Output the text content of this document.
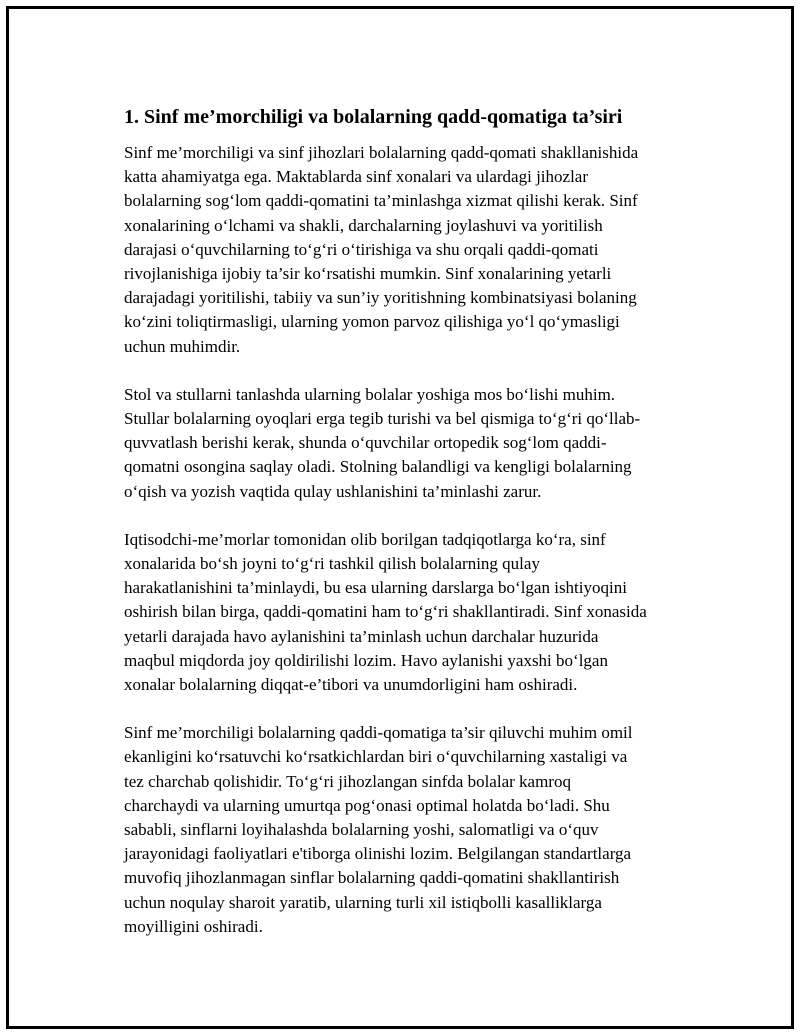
1. Sinf me’morchiligi va bolalarning qadd-qomatiga ta’siri

Sinf me’morchiligi va sinf jihozlari bolalarning qadd-qomati shakllanishida
katta ahamiyatga ega. Maktablarda sinf xonalari va ulardagi jihozlar
bolalarning sog‘lom qaddi-qomatini ta’minlashga xizmat qilishi kerak. Sinf
xonalarining o‘lchami va shakli, darchalarning joylashuvi va yoritilish
darajasi o‘quvchilarning to‘g‘ri o‘tirishiga va shu orqali qaddi-qomati
rivojlanishiga ijobiy ta’sir ko‘rsatishi mumkin. Sinf xonalarining yetarli
darajadagi yoritilishi, tabiiy va sun’iy yoritishning kombinatsiyasi bolaning
ko‘zini toliqtirmasligi, ularning yomon parvoz qilishiga yo‘l qo‘ymasligi
uchun muhimdir.

Stol va stullarni tanlashda ularning bolalar yoshiga mos bo‘lishi muhim.
Stullar bolalarning oyoqlari erga tegib turishi va bel qismiga to‘g‘ri qo‘llab-
quvvatlash berishi kerak, shunda o‘quvchilar ortopedik sog‘lom qaddi-
qomatni osongina saqlay oladi. Stolning balandligi va kengligi bolalarning
o‘qish va yozish vaqtida qulay ushlanishini ta’minlashi zarur.

Iqtisodchi-me’morlar tomonidan olib borilgan tadqiqotlarga ko‘ra, sinf
xonalarida bo‘sh joyni to‘g‘ri tashkil qilish bolalarning qulay
harakatlanishini ta’minlaydi, bu esa ularning darslarga bo‘lgan ishtiyoqini
oshirish bilan birga, qaddi-qomatini ham to‘g‘ri shakllantiradi. Sinf xonasida
yetarli darajada havo aylanishini ta’minlash uchun darchalar huzurida
maqbul miqdorda joy qoldirilishi lozim. Havo aylanishi yaxshi bo‘lgan
xonalar bolalarning diqqat-e’tibori va unumdorligini ham oshiradi.

Sinf me’morchiligi bolalarning qaddi-qomatiga ta’sir qiluvchi muhim omil
ekanligini ko‘rsatuvchi ko‘rsatkichlardan biri o‘quvchilarning xastaligi va
tez charchab qolishidir. To‘g‘ri jihozlangan sinfda bolalar kamroq
charchaydi va ularning umurtqa pog‘onasi optimal holatda bo‘ladi. Shu
sababli, sinflarni loyihalashda bolalarning yoshi, salomatligi va o‘quv
jarayonidagi faoliyatlari e'tiborga olinishi lozim. Belgilangan standartlarga
muvofiq jihozlanmagan sinflar bolalarning qaddi-qomatini shakllantirish
uchun noqulay sharoit yaratib, ularning turli xil istiqbolli kasalliklarga
moyilligini oshiradi.
